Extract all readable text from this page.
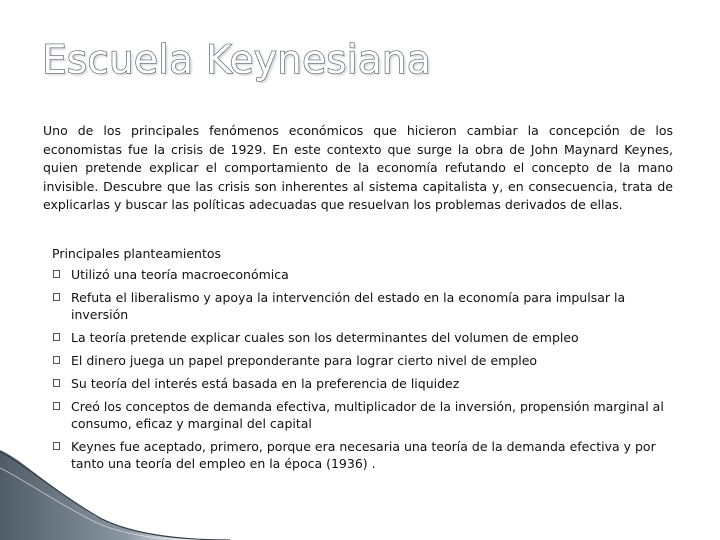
Escuela Keynesiana

Uno de los principales fenómenos económicos que hicieron cambiar la concepción de los economistas fue la crisis de 1929. En este contexto que surge la obra de John Maynard Keynes, quien pretende explicar el comportamiento de la economía refutando el concepto de la mano invisible. Descubre que las crisis son inherentes al sistema capitalista y, en consecuencia, trata de explicarlas y buscar las políticas adecuadas que resuelvan los problemas derivados de ellas.

Principales planteamientos
Utilizó una teoría macroeconómica
Refuta el liberalismo y apoya la intervención del estado en la economía para impulsar la inversión
La teoría pretende explicar cuales son los determinantes del volumen de empleo
El dinero juega un papel preponderante para lograr cierto nivel de empleo
Su teoría del interés está basada en la preferencia de liquidez
Creó los conceptos de demanda efectiva, multiplicador de la inversión, propensión marginal al consumo, eficaz y marginal del capital
Keynes fue aceptado, primero, porque era necesaria una teoría de la demanda efectiva y por tanto una teoría del empleo en la época (1936) .
